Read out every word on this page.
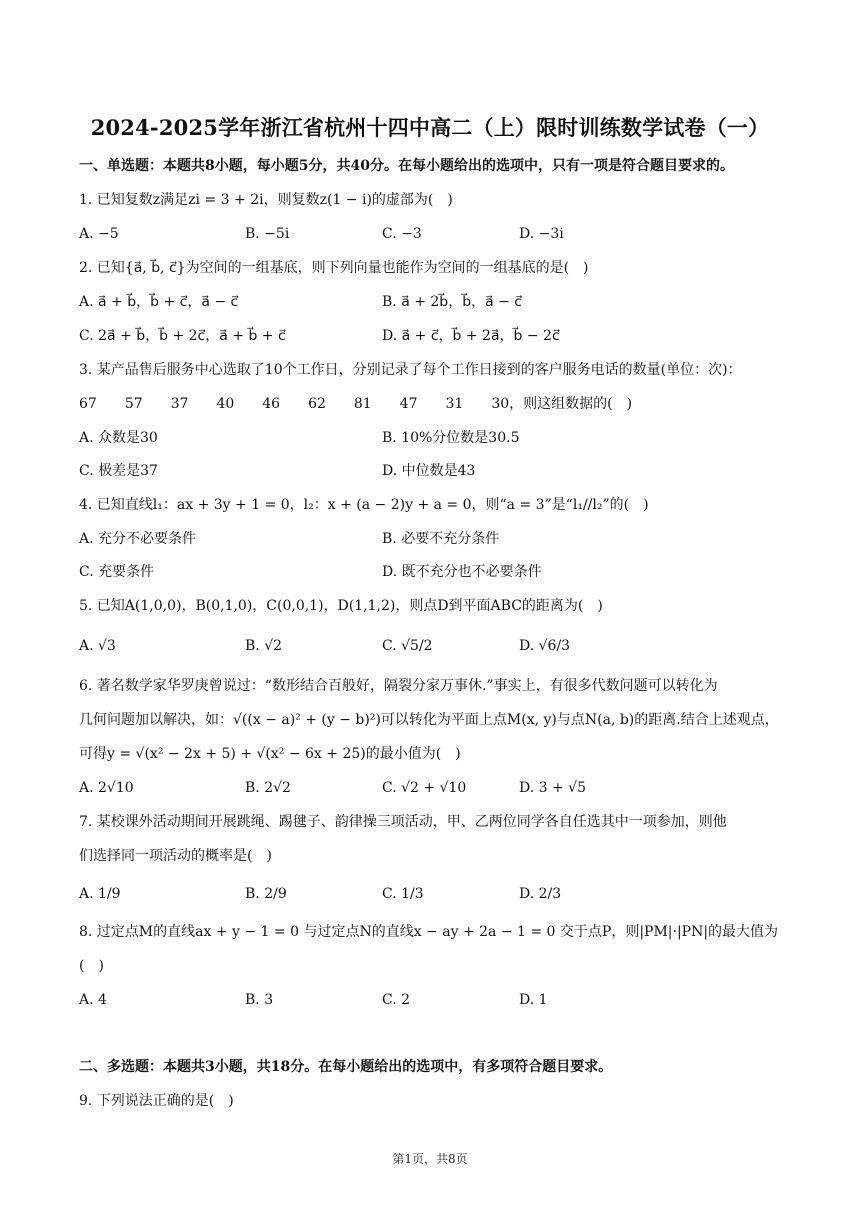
2024-2025学年浙江省杭州十四中高二（上）限时训练数学试卷（一）
一、单选题：本题共8小题，每小题5分，共40分。在每小题给出的选项中，只有一项是符合题目要求的。
1. 已知复数z满足zi = 3 + 2i，则复数z(1 − i)的虚部为(　)
A. −5	B. −5i	C. −3	D. −3i
2. 已知{a⃗, b⃗, c⃗}为空间的一组基底，则下列向量也能作为空间的一组基底的是(　)
A. a⃗ + b⃗，b⃗ + c⃗，a⃗ − c⃗	B. a⃗ + 2b⃗，b⃗，a⃗ − c⃗
C. 2a⃗ + b⃗，b⃗ + 2c⃗，a⃗ + b⃗ + c⃗	D. a⃗ + c⃗，b⃗ + 2a⃗，b⃗ − 2c⃗
3. 某产品售后服务中心选取了10个工作日，分别记录了每个工作日接到的客户服务电话的数量(单位：次)：
67　　57　　37　　40　　46　　62　　81　　47　　31　　30，则这组数据的(　)
A. 众数是30	B. 10%分位数是30.5
C. 极差是37	D. 中位数是43
4. 已知直线l₁：ax + 3y + 1 = 0，l₂：x + (a − 2)y + a = 0，则“a = 3”是“l₁//l₂”的(　)
A. 充分不必要条件	B. 必要不充分条件
C. 充要条件	D. 既不充分也不必要条件
5. 已知A(1,0,0)，B(0,1,0)，C(0,0,1)，D(1,1,2)，则点D到平面ABC的距离为(　)
A. √3	B. √2	C. √5/2	D. √6/3
6. 著名数学家华罗庚曾说过：“数形结合百般好，隔裂分家万事休.”事实上，有很多代数问题可以转化为
几何问题加以解决，如：√((x − a)² + (y − b)²)可以转化为平面上点M(x, y)与点N(a, b)的距离.结合上述观点，
可得y = √(x² − 2x + 5) + √(x² − 6x + 25)的最小值为(　)
A. 2√10	B. 2√2	C. √2 + √10	D. 3 + √5
7. 某校课外活动期间开展跳绳、踢毽子、韵律操三项活动，甲、乙两位同学各自任选其中一项参加，则他
们选择同一项活动的概率是(　)
A. 1/9	B. 2/9	C. 1/3	D. 2/3
8. 过定点M的直线ax + y − 1 = 0 与过定点N的直线x − ay + 2a − 1 = 0 交于点P，则|PM|·|PN|的最大值为
(　)
A. 4	B. 3	C. 2	D. 1
二、多选题：本题共3小题，共18分。在每小题给出的选项中，有多项符合题目要求。
9. 下列说法正确的是(　)
第1页，共8页
